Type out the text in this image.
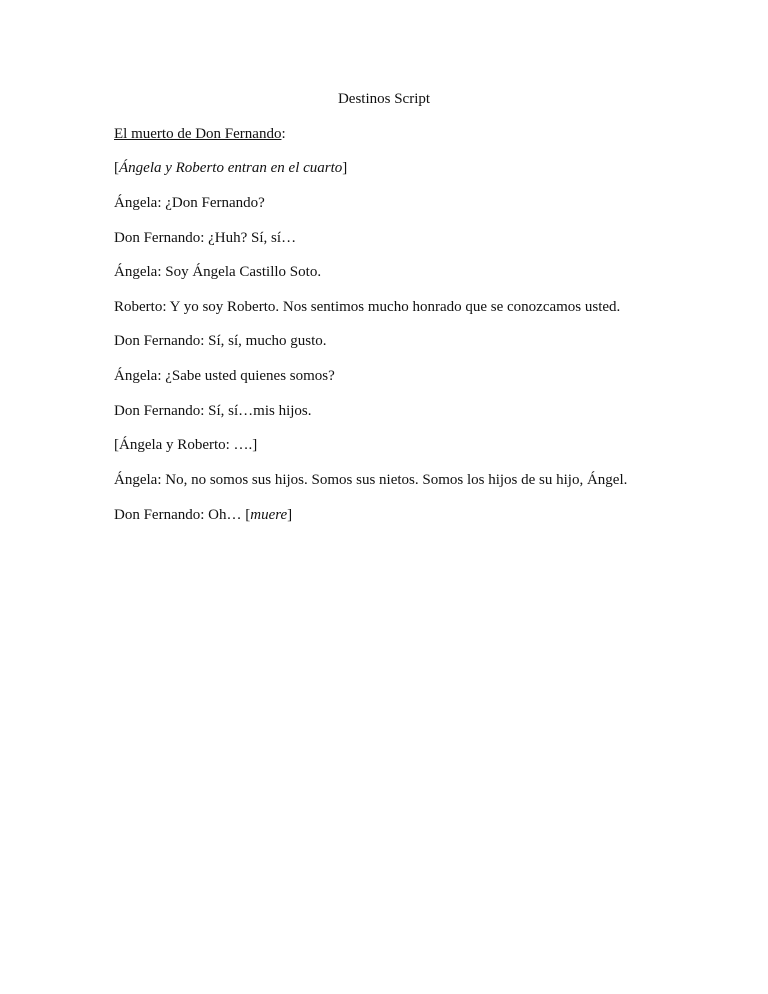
Destinos Script
El muerto de Don Fernando:
[Ángela y Roberto entran en el cuarto]
Ángela: ¿Don Fernando?
Don Fernando: ¿Huh? Sí, sí…
Ángela: Soy Ángela Castillo Soto.
Roberto: Y yo soy Roberto. Nos sentimos mucho honrado que se conozcamos usted.
Don Fernando: Sí, sí, mucho gusto.
Ángela: ¿Sabe usted quienes somos?
Don Fernando: Sí, sí…mis hijos.
[Ángela y Roberto: ….]
Ángela: No, no somos sus hijos. Somos sus nietos. Somos los hijos de su hijo, Ángel.
Don Fernando: Oh… [muere]
